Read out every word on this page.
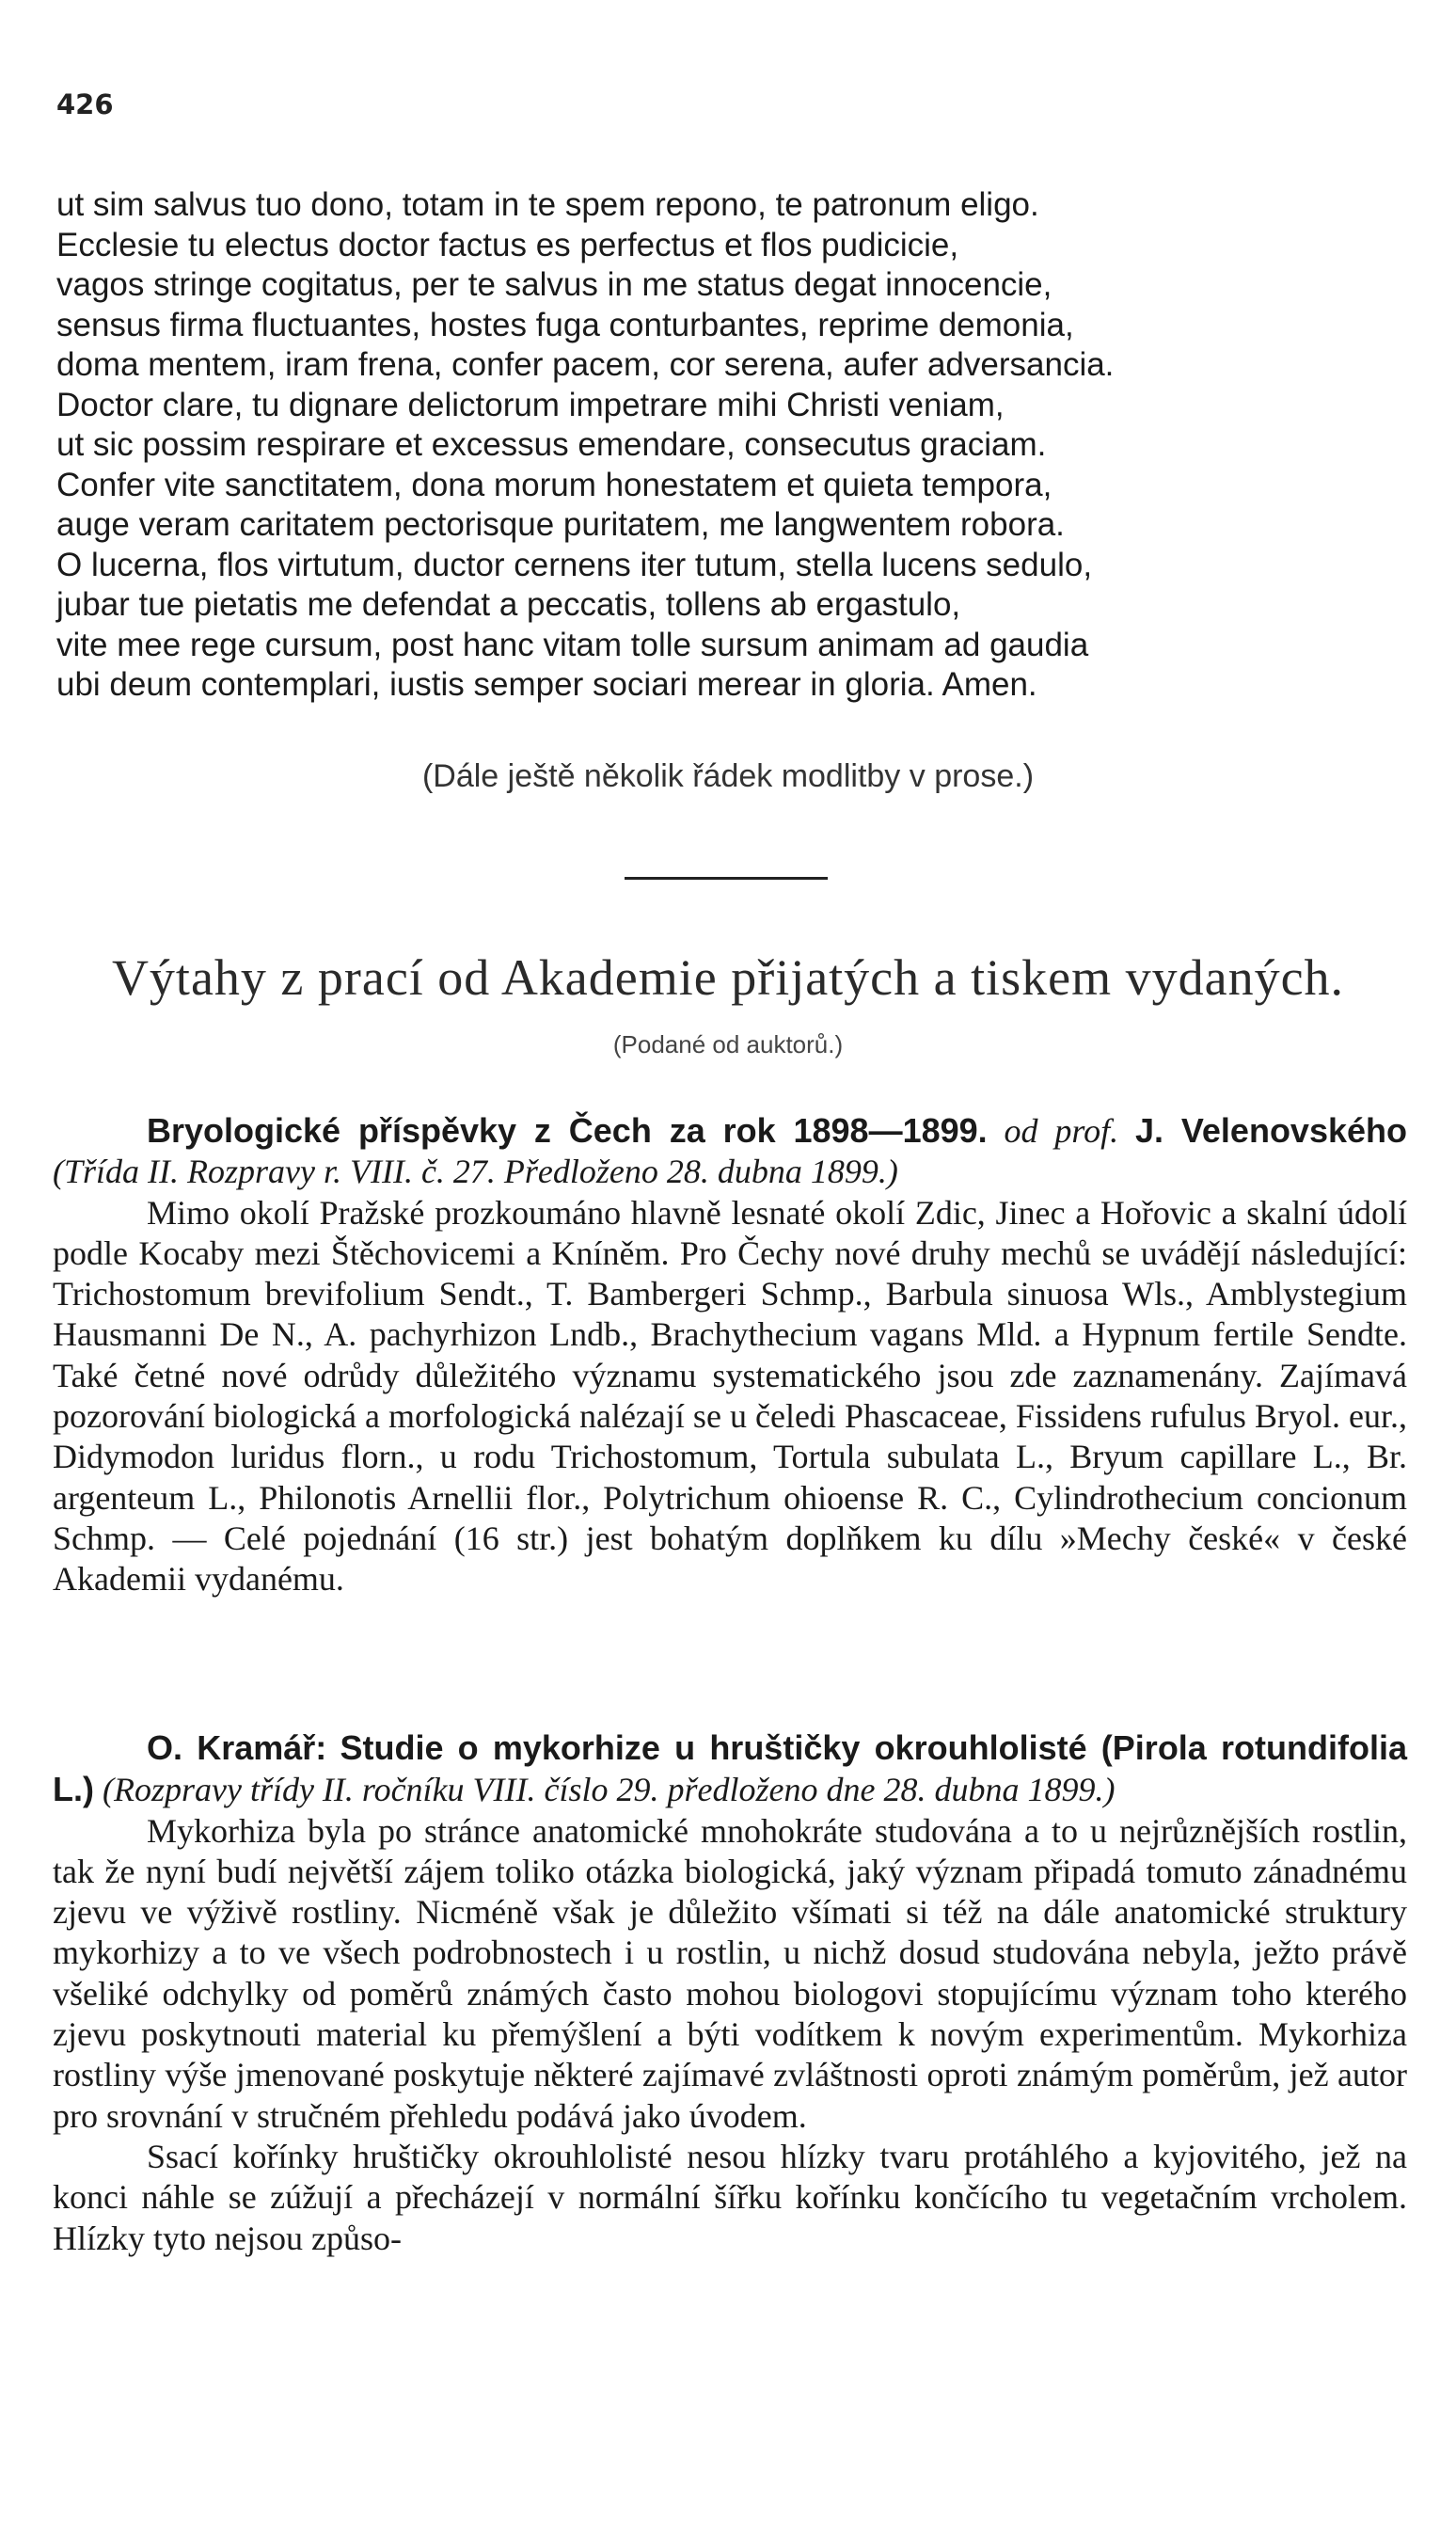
426
ut sim salvus tuo dono, totam in te spem repono, te patronum eligo.
Ecclesie tu electus doctor factus es perfectus et flos pudicicie,
vagos stringe cogitatus, per te salvus in me status degat innocencie,
sensus firma fluctuantes, hostes fuga conturbantes, reprime demonia,
doma mentem, iram frena, confer pacem, cor serena, aufer adversancia.
Doctor clare, tu dignare delictorum impetrare mihi Christi veniam,
ut sic possim respirare et excessus emendare, consecutus graciam.
Confer vite sanctitatem, dona morum honestatem et quieta tempora,
auge veram caritatem pectorisque puritatem, me langwentem robora.
O lucerna, flos virtutum, ductor cernens iter tutum, stella lucens sedulo,
jubar tue pietatis me defendat a peccatis, tollens ab ergastulo,
vite mee rege cursum, post hanc vitam tolle sursum animam ad gaudia
ubi deum contemplari, iustis semper sociari merear in gloria. Amen.
(Dále ještě několik řádek modlitby v prose.)
Výtahy z prací od Akademie přijatých a tiskem vydaných.
(Podané od auktorů.)

Bryologické příspěvky z Čech za rok 1898—1899. od prof. J. Velenovského (Třída II. Rozpravy r. VIII. č. 27. Předloženo 28. dubna 1899.)

Mimo okolí Pražské prozkoumáno hlavně lesnaté okolí Zdic, Jinec a Hořovic a skalní údolí podle Kocaby mezi Štěchovicemi a Kníněm. Pro Čechy nové druhy mechů se uvádějí následující: Trichostomum brevifolium Sendt., T. Bambergeri Schmp., Barbula sinuosa Wls., Amblystegium Hausmanni De N., A. pachyrhizon Lndb., Brachythecium vagans Mld. a Hypnum fertile Sendte. Také četné nové odrůdy důležitého významu systematického jsou zde zaznamenány. Zajímavá pozorování biologická a morfologická nalézají se u čeledi Phascaceae, Fissidens rufulus Bryol. eur., Didymodon luridus florn., u rodu Trichostomum, Tortula subulata L., Bryum capillare L., Br. argenteum L., Philonotis Arnellii flor., Polytrichum ohioense R. C., Cylindrothecium concionum Schmp. — Celé pojednání (16 str.) jest bohatým doplňkem ku dílu »Mechy české« v české Akademii vydanému.

O. Kramář: Studie o mykorhize u hruštičky okrouhlolisté (Pirola rotundifolia L.) (Rozpravy třídy II. ročníku VIII. číslo 29. předloženo dne 28. dubna 1899.)

Mykorhiza byla po stránce anatomické mnohokráte studována a to u nejrůznějších rostlin, tak že nyní budí největší zájem toliko otázka biologická, jaký význam připadá tomuto zánadnému zjevu ve výživě rostliny. Nicméně však je důležito všímati si též na dále anatomické struktury mykorhizy a to ve všech podrobnostech i u rostlin, u nichž dosud studována nebyla, ježto právě všeliké odchylky od poměrů známých často mohou biologovi stopujícímu význam toho kterého zjevu poskytnouti material ku přemýšlení a býti vodítkem k novým experimentům. Mykorhiza rostliny výše jmenované poskytuje některé zajímavé zvláštnosti oproti známým poměrům, jež autor pro srovnání v stručném přehledu podává jako úvodem.

Ssací kořínky hruštičky okrouhlolisté nesou hlízky tvaru protáhlého a kyjovitého, jež na konci náhle se zúžují a přecházejí v normální šířku kořínku končícího tu vegetačním vrcholem. Hlízky tyto nejsou způso-
